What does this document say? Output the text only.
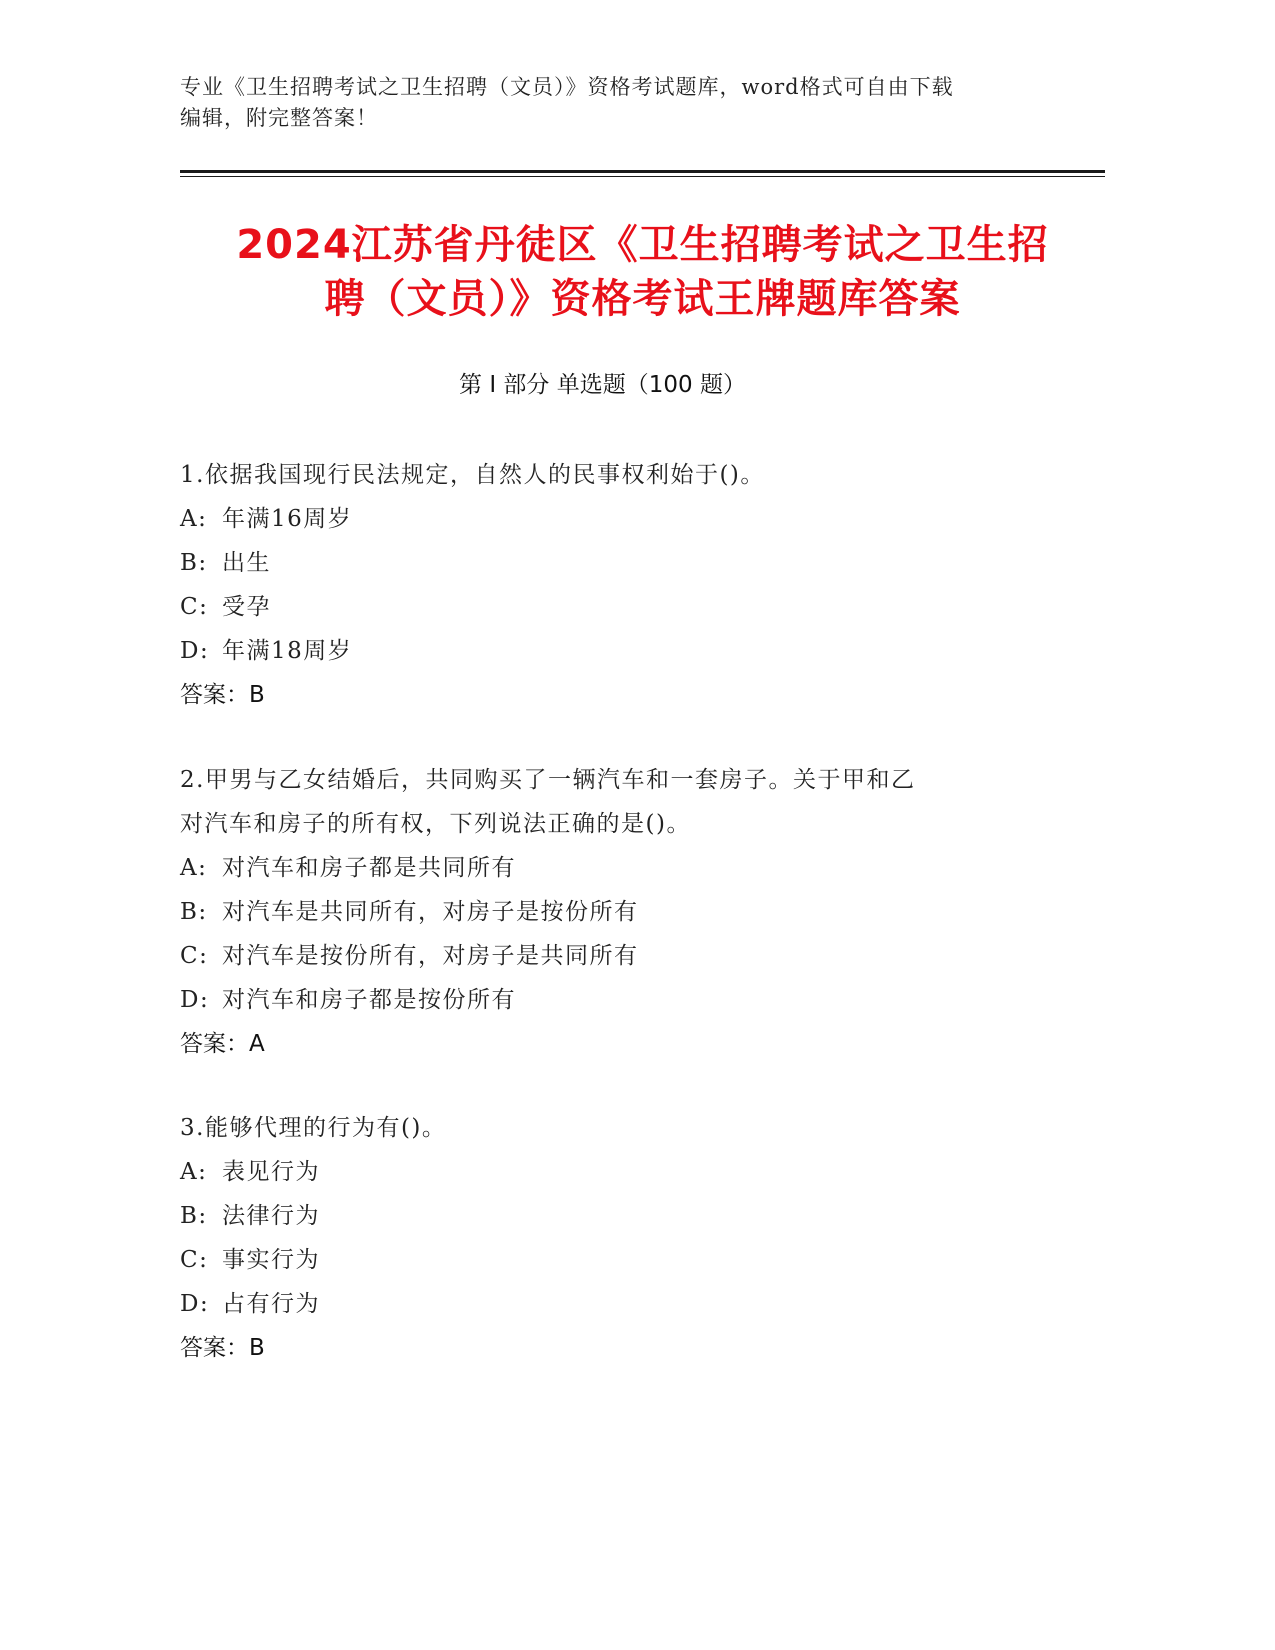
专业《卫生招聘考试之卫生招聘（文员）》资格考试题库，word格式可自由下载
编辑，附完整答案！
2024江苏省丹徒区《卫生招聘考试之卫生招
聘（文员）》资格考试王牌题库答案
第 I 部分 单选题（100 题）
1.依据我国现行民法规定，自然人的民事权利始于()。
A: 年满16周岁
B: 出生
C: 受孕
D: 年满18周岁
答案：B
2.甲男与乙女结婚后，共同购买了一辆汽车和一套房子。关于甲和乙
对汽车和房子的所有权，下列说法正确的是()。
A: 对汽车和房子都是共同所有
B: 对汽车是共同所有，对房子是按份所有
C: 对汽车是按份所有，对房子是共同所有
D: 对汽车和房子都是按份所有
答案：A
3.能够代理的行为有()。
A: 表见行为
B: 法律行为
C: 事实行为
D: 占有行为
答案：B
